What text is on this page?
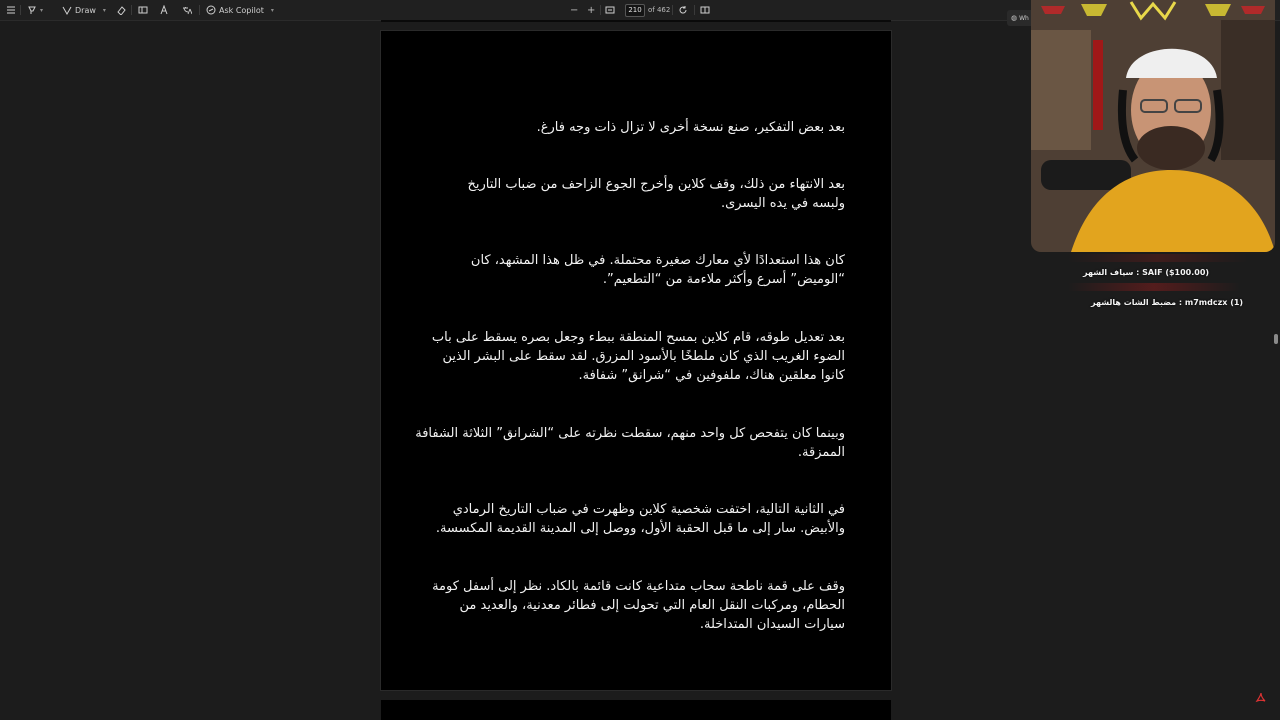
▾	Draw ▾	Ask Copilot ▾	− +	210 of 462
بعد بعض التفكير، صنع نسخة أخرى لا تزال ذات وجه فارغ.
بعد الانتهاء من ذلك، وقف كلاين وأخرج الجوع الزاحف من ضباب التاريخ
ولبسه في يده اليسرى.
كان هذا استعدادًا لأي معارك صغيرة محتملة. في ظل هذا المشهد، كان
“الوميض” أسرع وأكثر ملاءمة من “التطعيم”.
بعد تعديل طوقه، قام كلاين بمسح المنطقة ببطء وجعل بصره يسقط على باب
الضوء الغريب الذي كان ملطخًا بالأسود المزرق. لقد سقط على البشر الذين
كانوا معلقين هناك، ملفوفين في “شرانق” شفافة.
وبينما كان يتفحص كل واحد منهم، سقطت نظرته على “الشرانق” الثلاثة الشفافة
الممزقة.
في الثانية التالية، اختفت شخصية كلاين وظهرت في ضباب التاريخ الرمادي
والأبيض. سار إلى ما قبل الحقبة الأول، ووصل إلى المدينة القديمة المكسسة.
وقف على قمة ناطحة سحاب متداعية كانت قائمة بالكاد. نظر إلى أسفل كومة
الحطام، ومركبات النقل العام التي تحولت إلى فطائر معدنية، والعديد من
سيارات السيدان المتداخلة.
◍ Wh
SAIF ($100.00) : سياف الشهر
m7mdczx (1) : مضبط الشات هالشهر
